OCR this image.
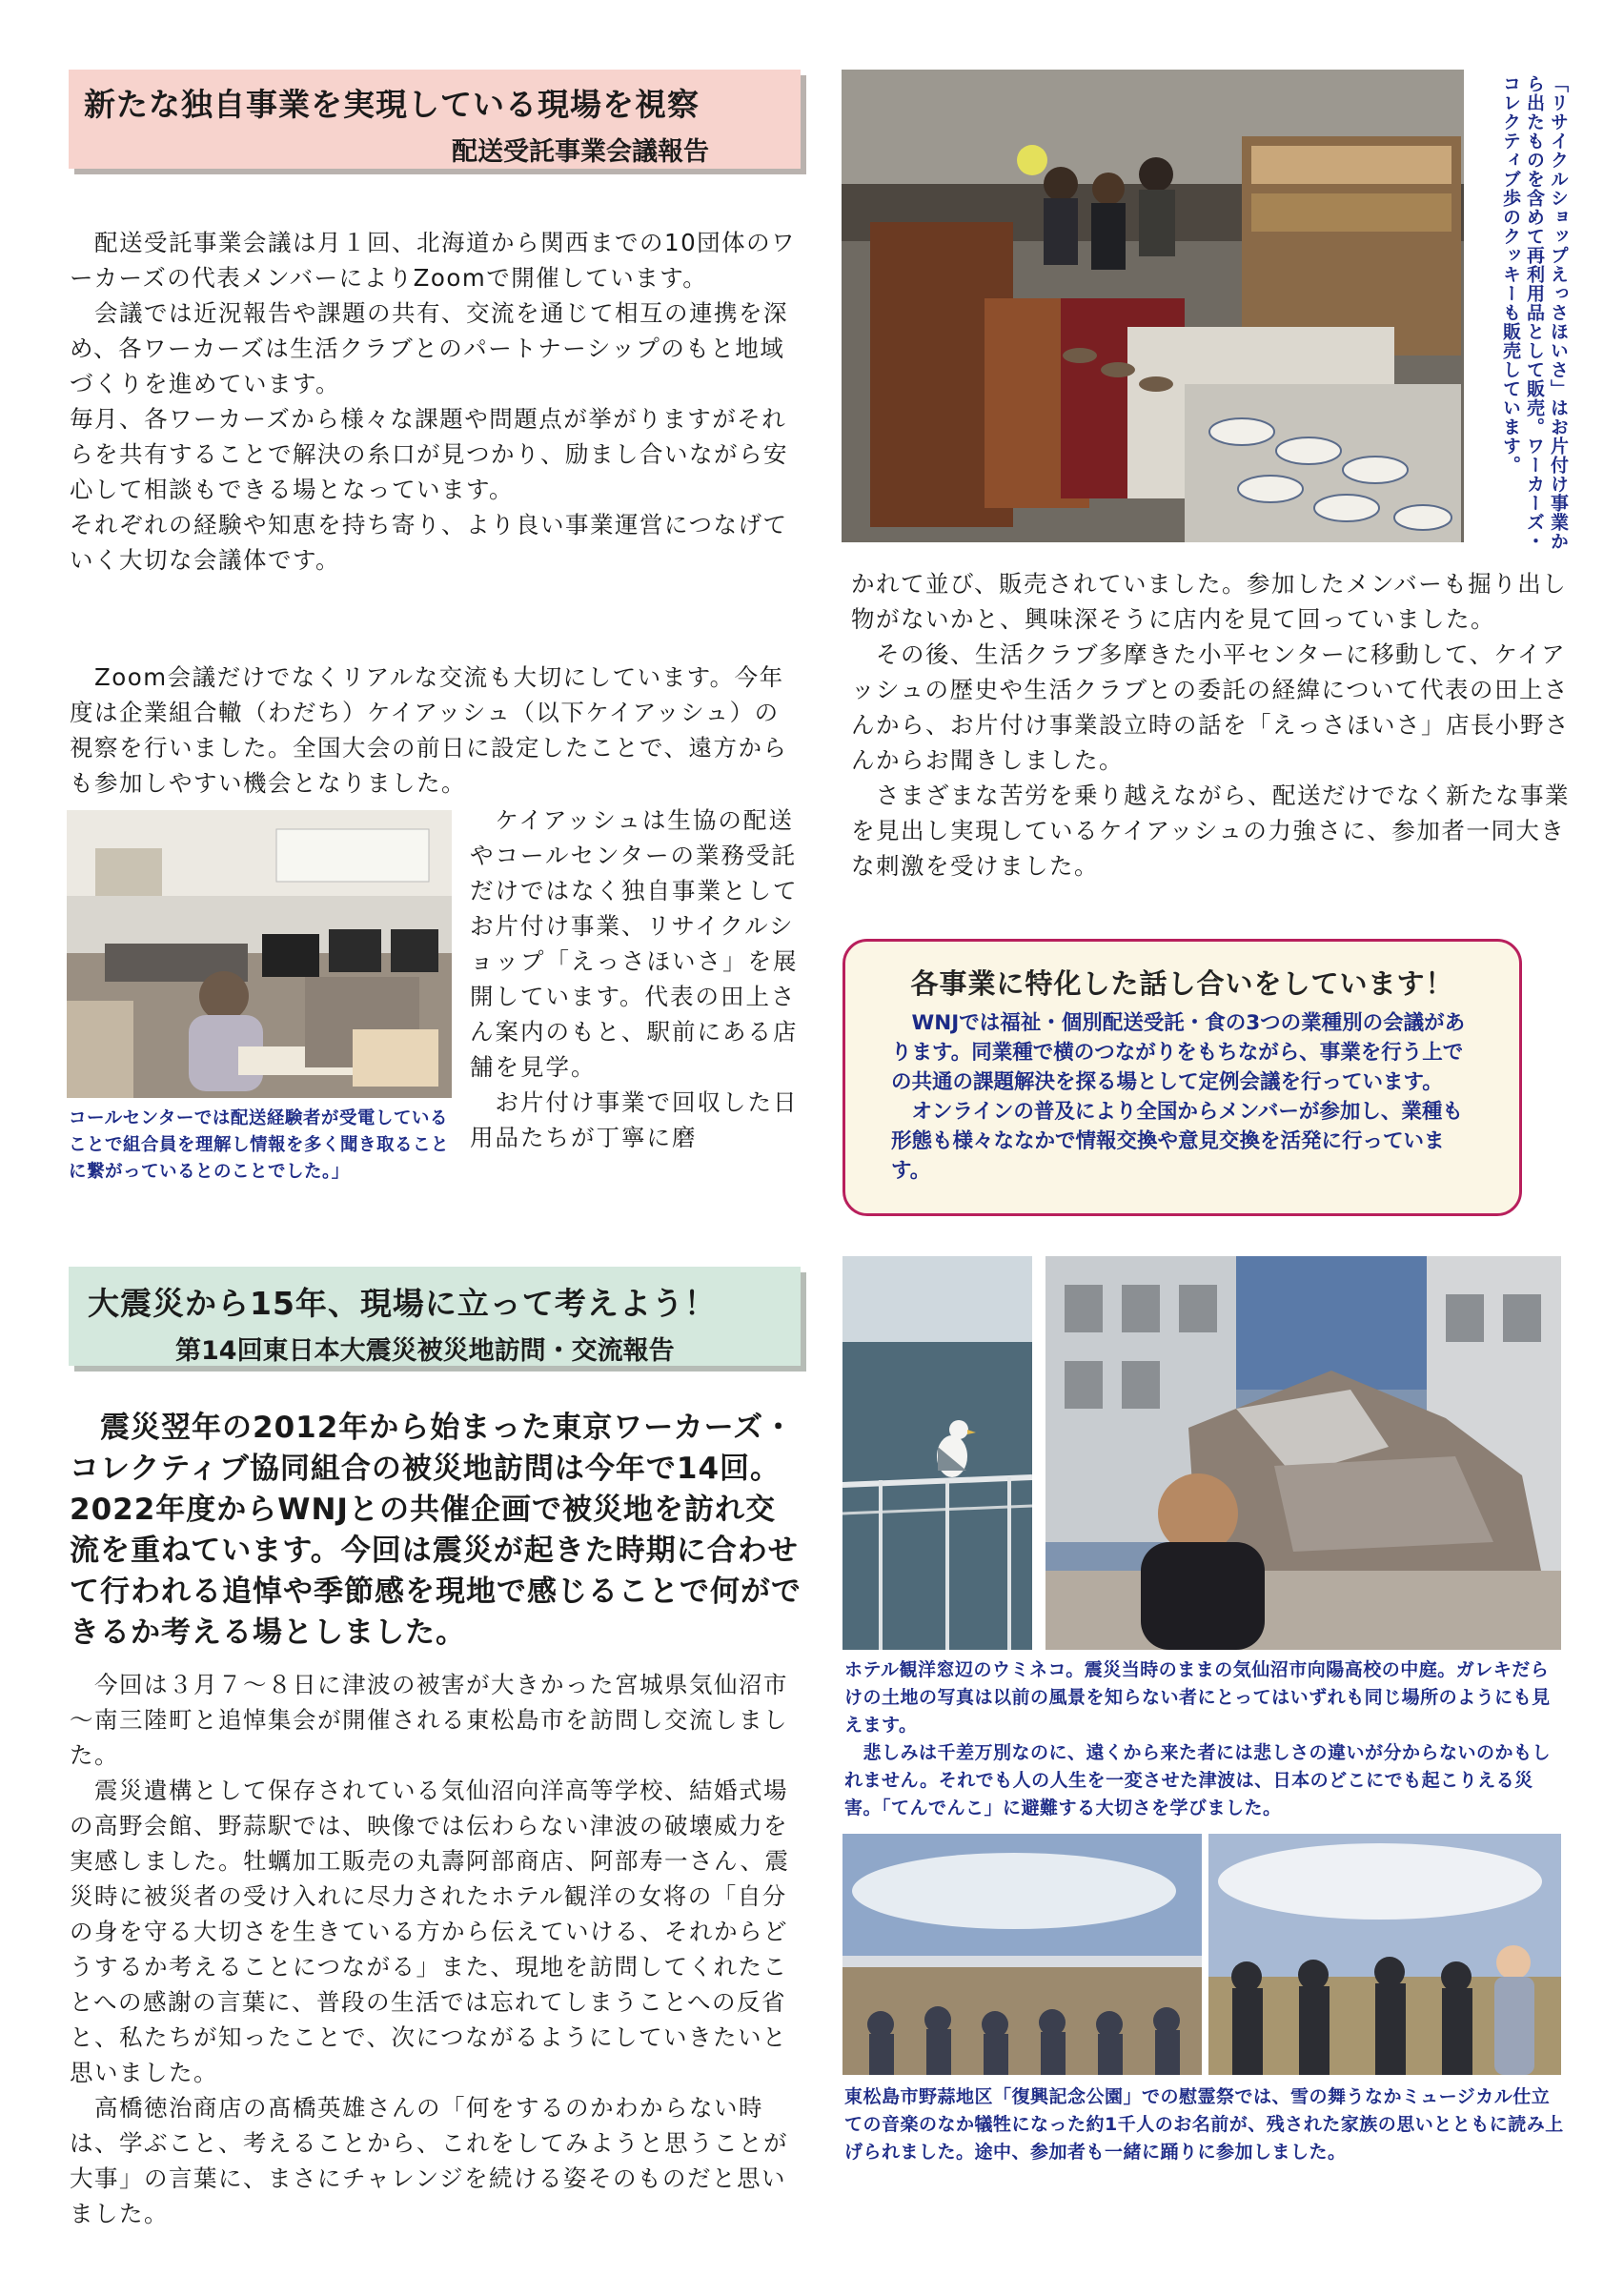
新たな独自事業を実現している現場を視察
配送受託事業会議報告

　配送受託事業会議は月１回、北海道から関西までの10団体のワーカーズの代表メンバーによりZoomで開催しています。

　会議では近況報告や課題の共有、交流を通じて相互の連携を深め、各ワーカーズは生活クラブとのパートナーシップのもと地域づくりを進めています。

毎月、各ワーカーズから様々な課題や問題点が挙がりますがそれらを共有することで解決の糸口が見つかり、励まし合いながら安心して相談もできる場となっています。

それぞれの経験や知恵を持ち寄り、より良い事業運営につなげていく大切な会議体です。

　Zoom会議だけでなくリアルな交流も大切にしています。今年度は企業組合轍（わだち）ケイアッシュ（以下ケイアッシュ）の視察を行いました。全国大会の前日に設定したことで、遠方からも参加しやすい機会となりました。
コールセンターでは配送経験者が受電していることで組合員を理解し情報を多く聞き取ることに繋がっているとのことでした。」
　ケイアッシュは生協の配送やコールセンターの業務受託だけではなく独自事業としてお片付け事業、リサイクルショップ「えっさほいさ」を展開しています。代表の田上さん案内のもと、駅前にある店舗を見学。
　お片付け事業で回収した日用品たちが丁寧に磨
「リサイクルショップえっさほいさ」はお片付け事業から出たものを含めて再利用品として販売。ワーカーズ・コレクティブ歩のクッキーも販売しています。

かれて並び、販売されていました。参加したメンバーも掘り出し物がないかと、興味深そうに店内を見て回っていました。

　その後、生活クラブ多摩きた小平センターに移動して、ケイアッシュの歴史や生活クラブとの委託の経緯について代表の田上さんから、お片付け事業設立時の話を「えっさほいさ」店長小野さんからお聞きしました。

　さまざまな苦労を乗り越えながら、配送だけでなく新たな事業を見出し実現しているケイアッシュの力強さに、参加者一同大きな刺激を受けました。

各事業に特化した話し合いをしています！

　WNJでは福祉・個別配送受託・食の3つの業種別の会議があります。同業種で横のつながりをもちながら、事業を行う上での共通の課題解決を探る場として定例会議を行っています。

　オンラインの普及により全国からメンバーが参加し、業種も形態も様々ななかで情報交換や意見交換を活発に行っています。

大震災から15年、現場に立って考えよう！
第14回東日本大震災被災地訪問・交流報告
　震災翌年の2012年から始まった東京ワーカーズ・コレクティブ協同組合の被災地訪問は今年で14回。2022年度からWNJとの共催企画で被災地を訪れ交流を重ねています。今回は震災が起きた時期に合わせて行われる追悼や季節感を現地で感じることで何ができるか考える場としました。

　今回は３月７～８日に津波の被害が大きかった宮城県気仙沼市～南三陸町と追悼集会が開催される東松島市を訪問し交流しました。

　震災遺構として保存されている気仙沼向洋高等学校、結婚式場の高野会館、野蒜駅では、映像では伝わらない津波の破壊威力を実感しました。牡蠣加工販売の丸壽阿部商店、阿部寿一さん、震災時に被災者の受け入れに尽力されたホテル観洋の女将の「自分の身を守る大切さを生きている方から伝えていける、それからどうするか考えることにつながる」また、現地を訪問してくれたことへの感謝の言葉に、普段の生活では忘れてしまうことへの反省と、私たちが知ったことで、次につながるようにしていきたいと思いました。

　高橋徳治商店の髙橋英雄さんの「何をするのかわからない時は、学ぶこと、考えることから、これをしてみようと思うことが大事」の言葉に、まさにチャレンジを続ける姿そのものだと思いました。

ホテル観洋窓辺のウミネコ。震災当時のままの気仙沼市向陽高校の中庭。ガレキだらけの土地の写真は以前の風景を知らない者にとってはいずれも同じ場所のようにも見えます。

　悲しみは千差万別なのに、遠くから来た者には悲しさの違いが分からないのかもしれません。それでも人の人生を一変させた津波は、日本のどこにでも起こりえる災害。「てんでんこ」に避難する大切さを学びました。

東松島市野蒜地区「復興記念公園」での慰霊祭では、雪の舞うなかミュージカル仕立ての音楽のなか犠牲になった約1千人のお名前が、残された家族の思いとともに読み上げられました。途中、参加者も一緒に踊りに参加しました。
